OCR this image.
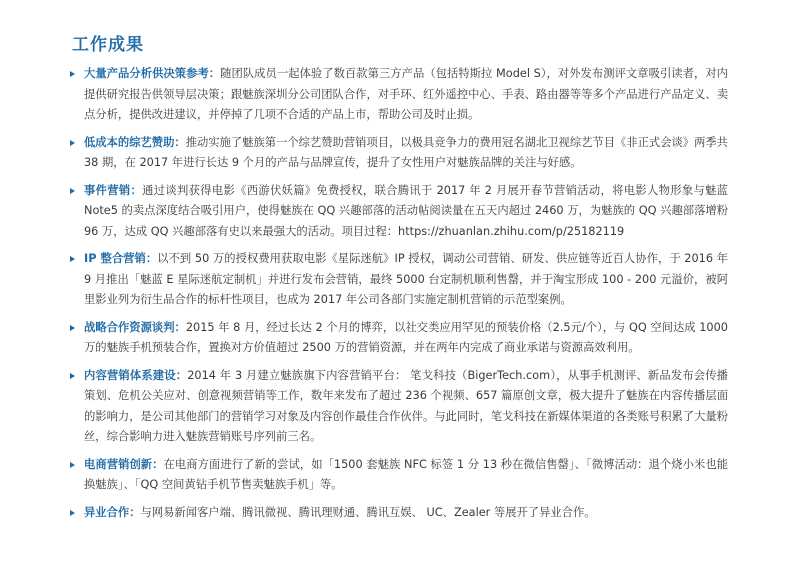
工作成果
大量产品分析供决策参考：随团队成员一起体验了数百款第三方产品（包括特斯拉 Model S），对外发布测评文章吸引读者，对内提供研究报告供领导层决策；跟魅族深圳分公司团队合作，对手环、红外遥控中心、手表、路由器等等多个产品进行产品定义、卖点分析，提供改进建议，并停掉了几项不合适的产品上市，帮助公司及时止损。
低成本的综艺赞助：推动实施了魅族第一个综艺赞助营销项目，以极具竞争力的费用冠名湖北卫视综艺节目《非正式会谈》两季共 38 期，在 2017 年进行长达 9 个月的产品与品牌宣传，提升了女性用户对魅族品牌的关注与好感。
事件营销：通过谈判获得电影《西游伏妖篇》免费授权，联合腾讯于 2017 年 2 月展开春节营销活动，将电影人物形象与魅蓝 Note5 的卖点深度结合吸引用户，使得魅族在 QQ 兴趣部落的活动帖阅读量在五天内超过 2460 万，为魅族的 QQ 兴趣部落增粉 96 万，达成 QQ 兴趣部落有史以来最强大的活动。项目过程：https://zhuanlan.zhihu.com/p/25182119
IP 整合营销：以不到 50 万的授权费用获取电影《星际迷航》IP 授权，调动公司营销、研发、供应链等近百人协作，于 2016 年 9 月推出「魅蓝 E 星际迷航定制机」并进行发布会营销，最终 5000 台定制机顺利售罄，并于淘宝形成 100 - 200 元溢价，被阿里影业列为衍生品合作的标杆性项目，也成为 2017 年公司各部门实施定制机营销的示范型案例。
战略合作资源谈判：2015 年 8 月，经过长达 2 个月的博弈，以社交类应用罕见的预装价格（2.5元/个），与 QQ 空间达成 1000 万的魅族手机预装合作，置换对方价值超过 2500 万的营销资源，并在两年内完成了商业承诺与资源高效利用。
内容营销体系建设：2014 年 3 月建立魅族旗下内容营销平台： 笔戈科技（BigerTech.com），从事手机测评、新品发布会传播策划、危机公关应对、创意视频营销等工作，数年来发布了超过 236 个视频、657 篇原创文章，极大提升了魅族在内容传播层面的影响力，是公司其他部门的营销学习对象及内容创作最佳合作伙伴。与此同时，笔戈科技在新媒体渠道的各类账号积累了大量粉丝，综合影响力进入魅族营销账号序列前三名。
电商营销创新：在电商方面进行了新的尝试，如「1500 套魅族 NFC 标签 1 分 13 秒在微信售罄」、「微博活动：退个烧小米也能换魅族」、「QQ 空间黄钻手机节售卖魅族手机」等。
异业合作：与网易新闻客户端、腾讯微视、腾讯理财通、腾讯互娱、 UC、Zealer 等展开了异业合作。
